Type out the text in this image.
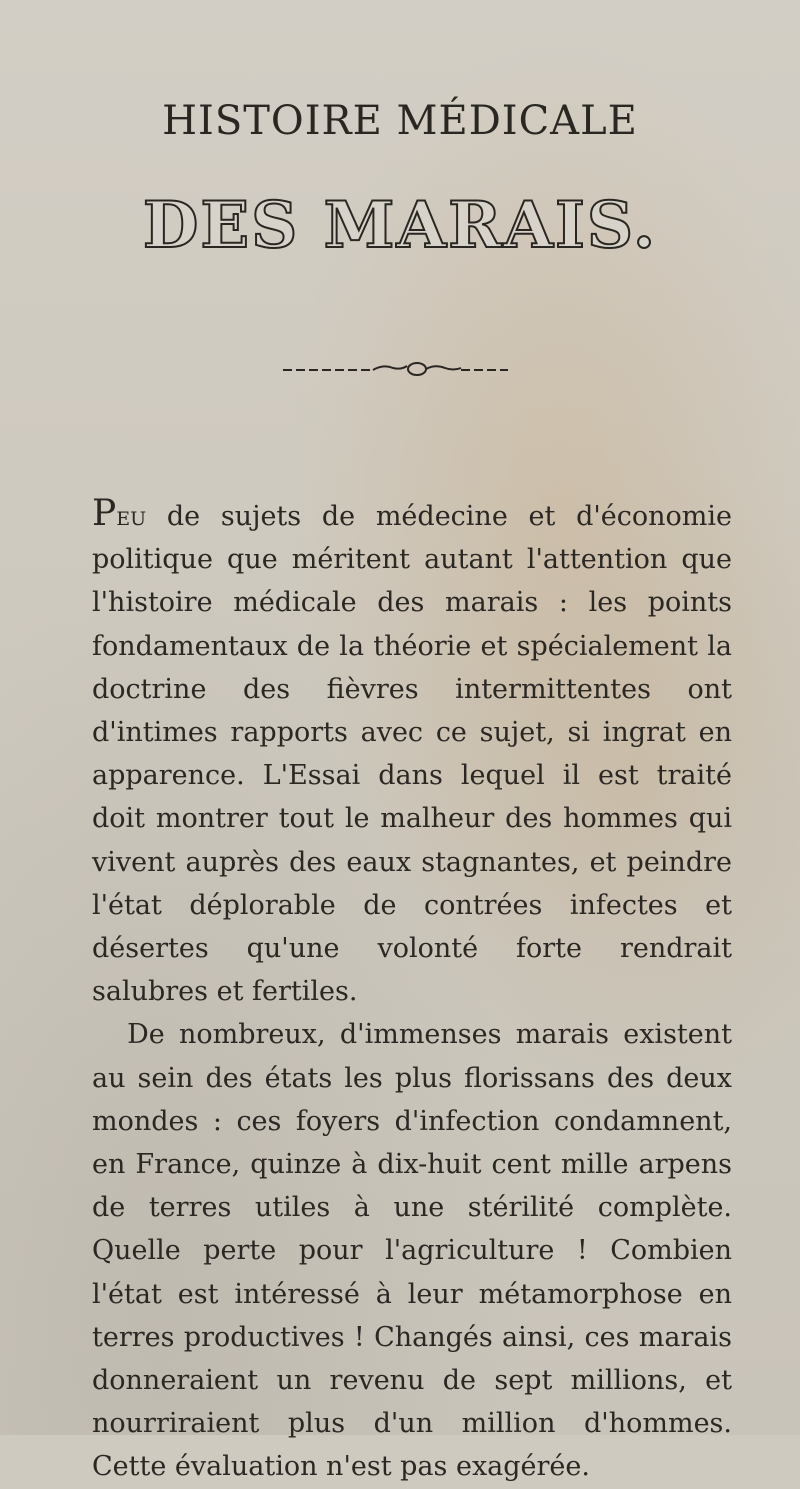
HISTOIRE MÉDICALE
DES MARAIS.

Peu de sujets de médecine et d'économie politique que méritent autant l'attention que l'histoire médicale des marais : les points fondamentaux de la théorie et spécialement la doctrine des fièvres intermittentes ont d'intimes rapports avec ce sujet, si ingrat en apparence. L'Essai dans lequel il est traité doit montrer tout le malheur des hommes qui vivent auprès des eaux stagnantes, et peindre l'état déplorable de contrées infectes et désertes qu'une volonté forte rendrait salubres et fertiles.

De nombreux, d'immenses marais existent au sein des états les plus florissans des deux mondes : ces foyers d'infection condamnent, en France, quinze à dix-huit cent mille arpens de terres utiles à une stérilité complète. Quelle perte pour l'agriculture ! Combien l'état est intéressé à leur métamorphose en terres productives ! Changés ainsi, ces marais donneraient un revenu de sept millions, et nourriraient plus d'un million d'hommes. Cette évaluation n'est pas exagérée.
